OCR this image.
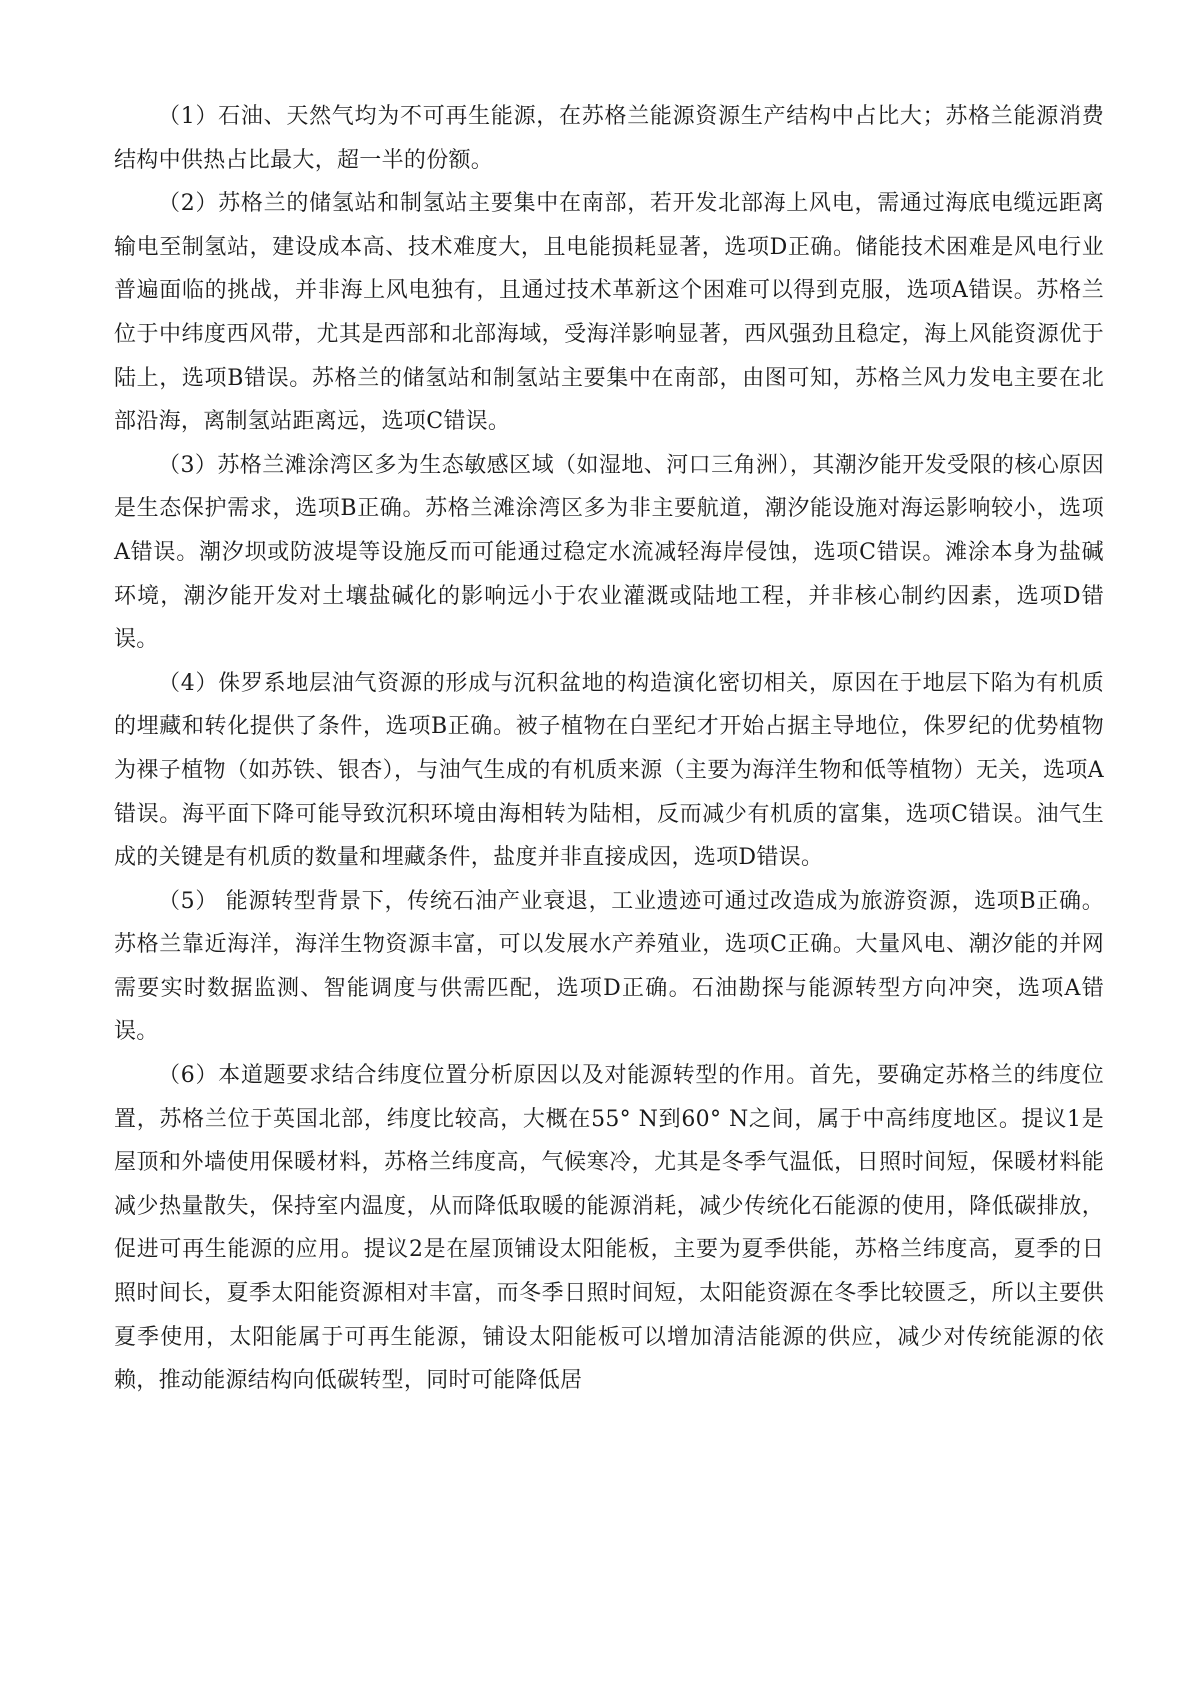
（1）石油、天然气均为不可再生能源，在苏格兰能源资源生产结构中占比大；苏格兰能源消费结构中供热占比最大，超一半的份额。

（2）苏格兰的储氢站和制氢站主要集中在南部，若开发北部海上风电，需通过海底电缆远距离输电至制氢站，建设成本高、技术难度大，且电能损耗显著，选项D正确。储能技术困难是风电行业普遍面临的挑战，并非海上风电独有，且通过技术革新这个困难可以得到克服，选项A错误。苏格兰位于中纬度西风带，尤其是西部和北部海域，受海洋影响显著，西风强劲且稳定，海上风能资源优于陆上，选项B错误。苏格兰的储氢站和制氢站主要集中在南部，由图可知，苏格兰风力发电主要在北部沿海，离制氢站距离远，选项C错误。

（3）苏格兰滩涂湾区多为生态敏感区域（如湿地、河口三角洲），其潮汐能开发受限的核心原因是生态保护需求，选项B正确。苏格兰滩涂湾区多为非主要航道，潮汐能设施对海运影响较小，选项A错误。潮汐坝或防波堤等设施反而可能通过稳定水流减轻海岸侵蚀，选项C错误。滩涂本身为盐碱环境，潮汐能开发对土壤盐碱化的影响远小于农业灌溉或陆地工程，并非核心制约因素，选项D错误。

（4）侏罗系地层油气资源的形成与沉积盆地的构造演化密切相关，原因在于地层下陷为有机质的埋藏和转化提供了条件，选项B正确。被子植物在白垩纪才开始占据主导地位，侏罗纪的优势植物为裸子植物（如苏铁、银杏），与油气生成的有机质来源（主要为海洋生物和低等植物）无关，选项A错误。海平面下降可能导致沉积环境由海相转为陆相，反而减少有机质的富集，选项C错误。油气生成的关键是有机质的数量和埋藏条件，盐度并非直接成因，选项D错误。

（5） 能源转型背景下，传统石油产业衰退，工业遗迹可通过改造成为旅游资源，选项B正确。苏格兰靠近海洋，海洋生物资源丰富，可以发展水产养殖业，选项C正确。大量风电、潮汐能的并网需要实时数据监测、智能调度与供需匹配，选项D正确。石油勘探与能源转型方向冲突，选项A错误。

（6）本道题要求结合纬度位置分析原因以及对能源转型的作用。首先，要确定苏格兰的纬度位置，苏格兰位于英国北部，纬度比较高，大概在55° N到60° N之间，属于中高纬度地区。提议1是屋顶和外墙使用保暖材料，苏格兰纬度高，气候寒冷，尤其是冬季气温低，日照时间短，保暖材料能减少热量散失，保持室内温度，从而降低取暖的能源消耗，减少传统化石能源的使用，降低碳排放，促进可再生能源的应用。提议2是在屋顶铺设太阳能板，主要为夏季供能，苏格兰纬度高，夏季的日照时间长，夏季太阳能资源相对丰富，而冬季日照时间短，太阳能资源在冬季比较匮乏，所以主要供夏季使用，太阳能属于可再生能源，铺设太阳能板可以增加清洁能源的供应，减少对传统能源的依赖，推动能源结构向低碳转型，同时可能降低居
